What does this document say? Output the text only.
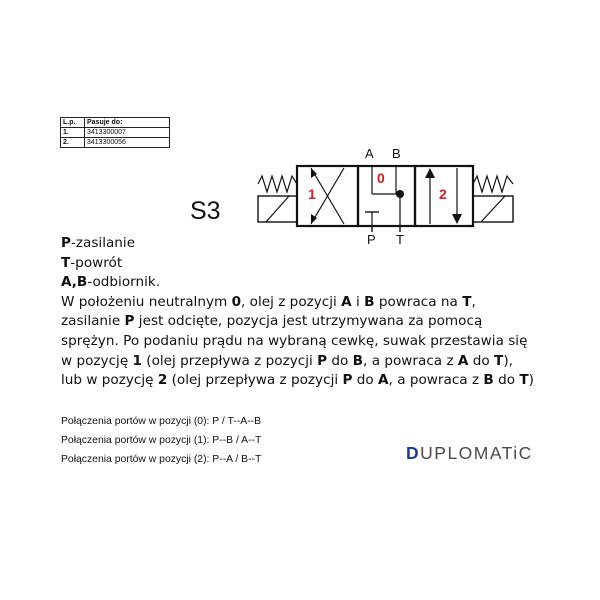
L.p.	Pasuje do:
1.	3413300007
2.	3413300056
S3
A B
P T
1
0
2

P-zasilanie

T-powrót

A,B-odbiornik.

W położeniu neutralnym 0, olej z pozycji A i B powraca na T,

zasilanie P jest odcięte, pozycja jest utrzymywana za pomocą

sprężyn. Po podaniu prądu na wybraną cewkę, suwak przestawia się

w pozycję 1 (olej przepływa z pozycji P do B, a powraca z A do T),

lub w pozycję 2 (olej przepływa z pozycji P do A, a powraca z B do T)

Połączenia portów w pozycji (0): P / T--A--B

Połączenia portów w pozycji (1): P--B / A--T

Połączenia portów w pozycji (2): P--A / B--T	DUPLOMATiC
